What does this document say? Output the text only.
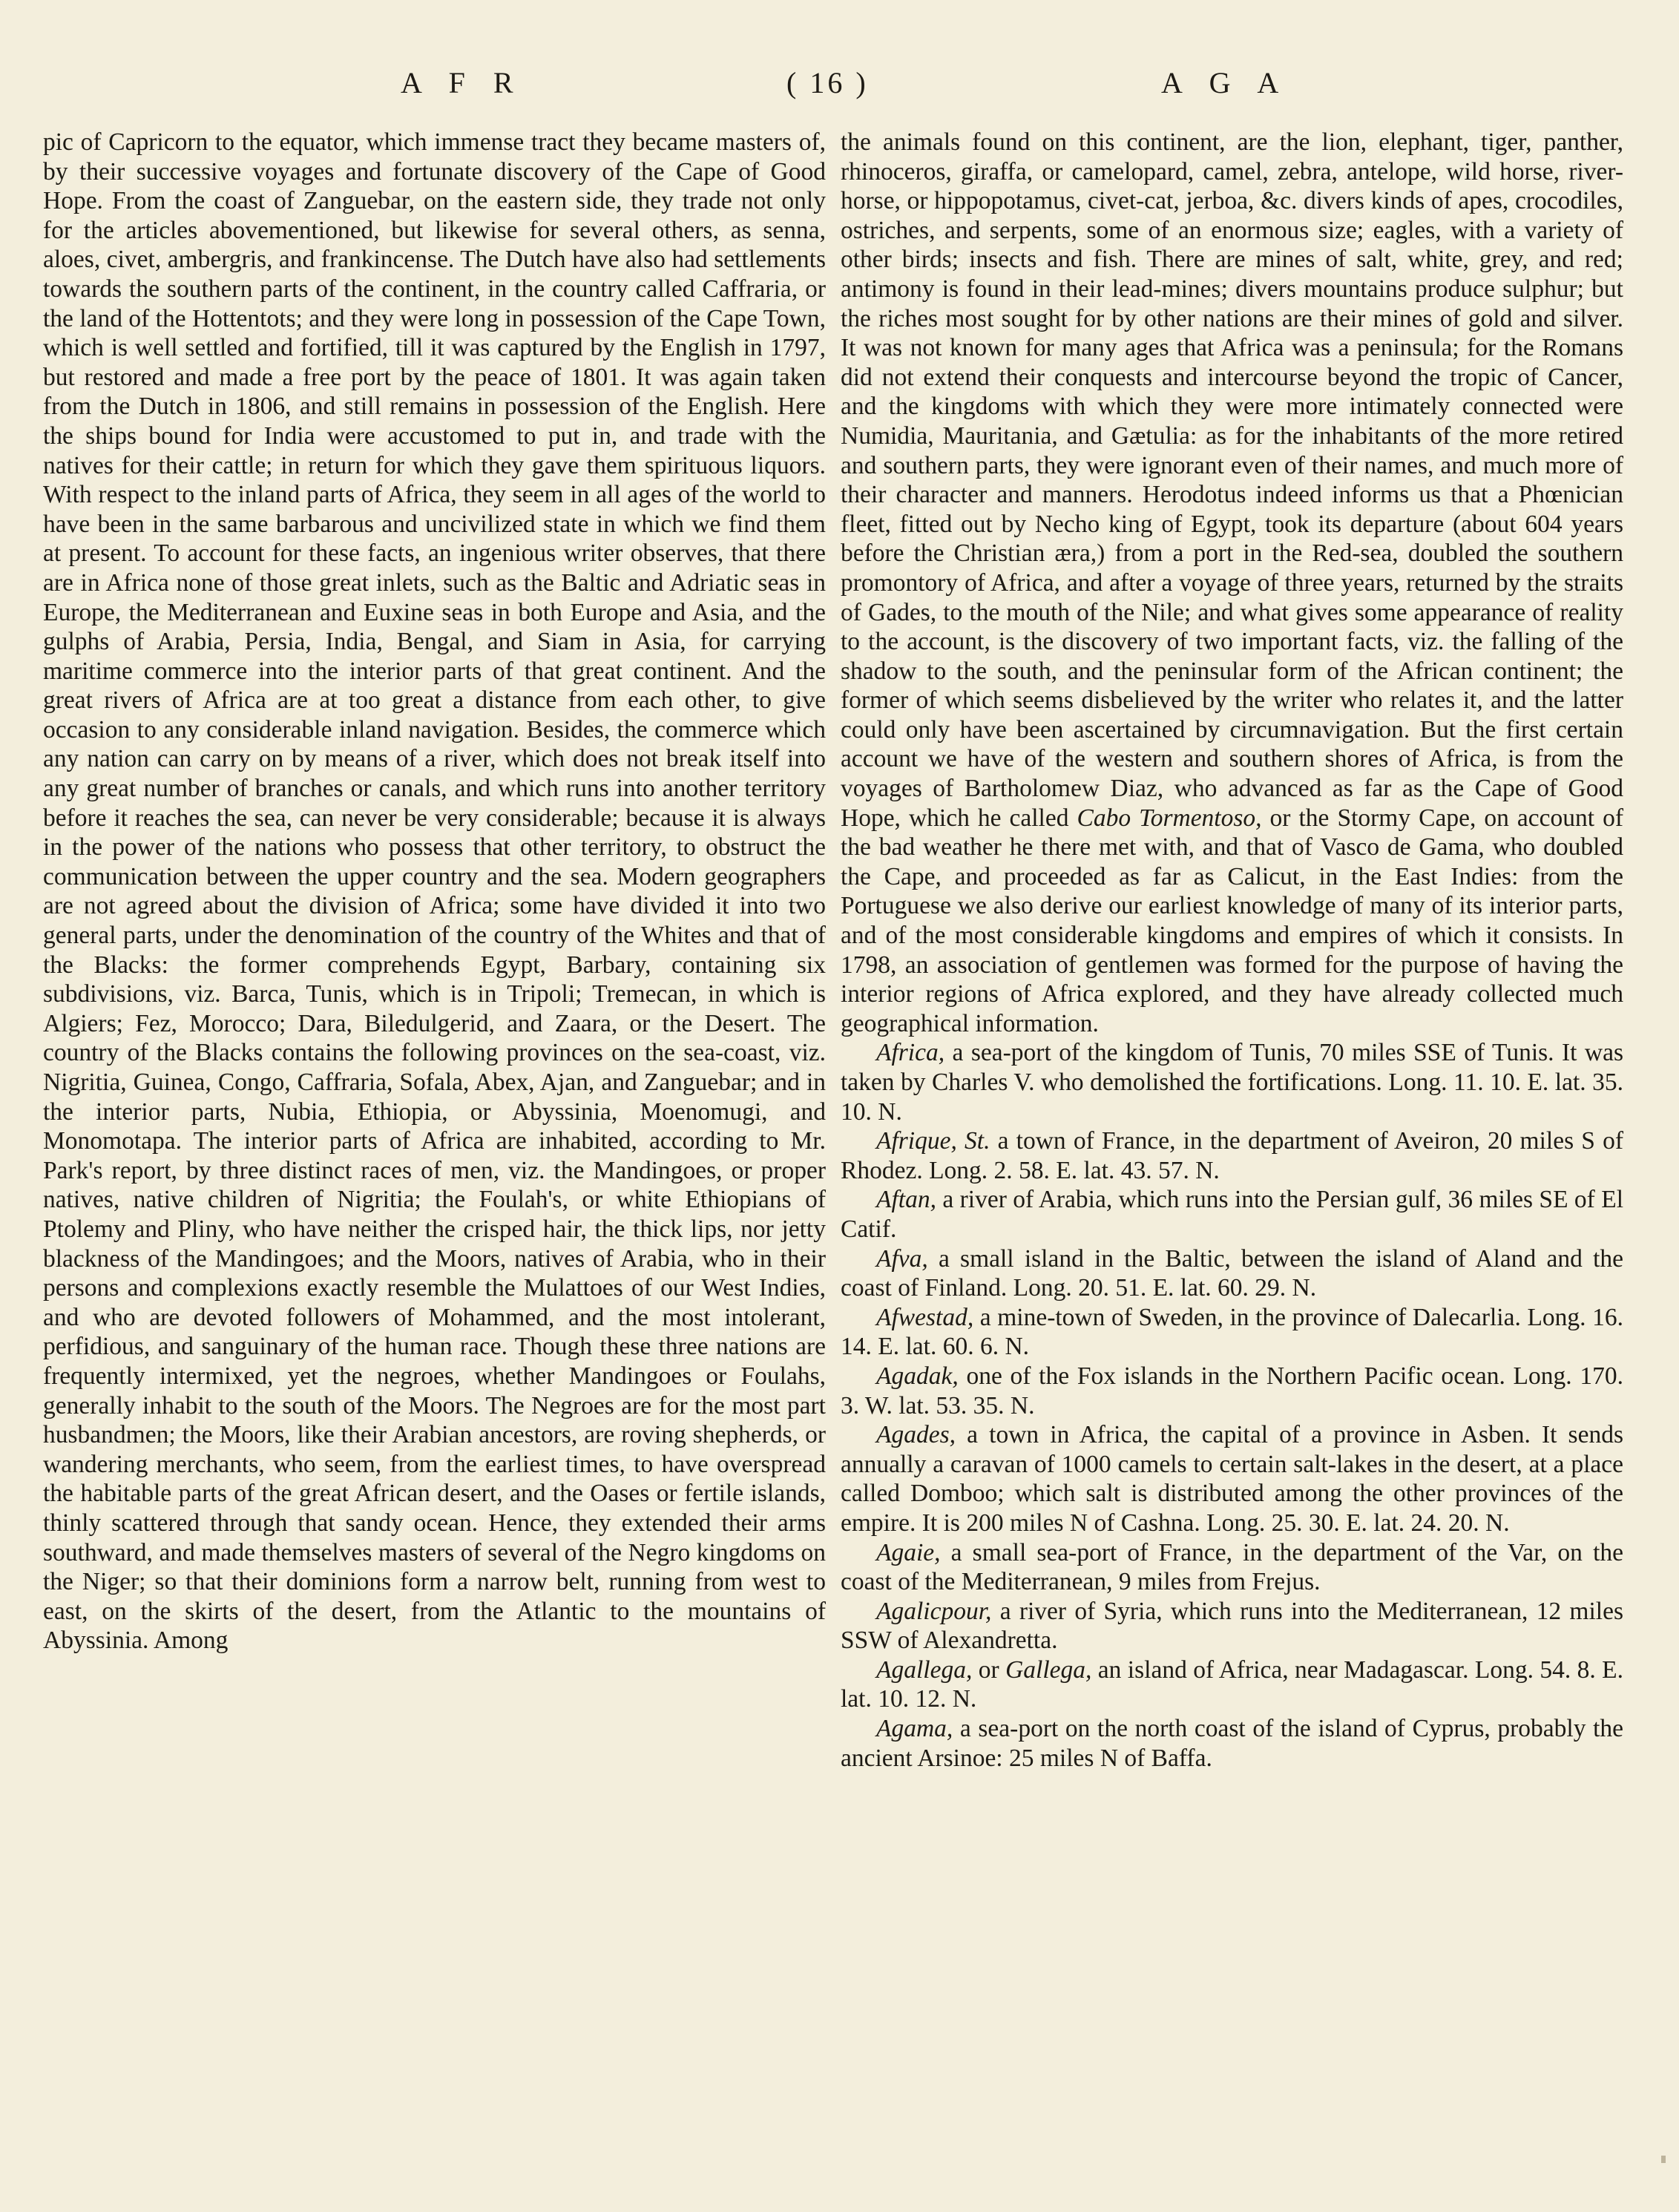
A F R	( 16 )	A G A

pic of Capricorn to the equator, which immense tract they became masters of, by their successive voyages and fortunate discovery of the Cape of Good Hope. From the coast of Zanguebar, on the eastern side, they trade not only for the articles abovementioned, but likewise for several others, as senna, aloes, civet, ambergris, and frankincense. The Dutch have also had settlements towards the southern parts of the continent, in the country called Caffraria, or the land of the Hottentots; and they were long in possession of the Cape Town, which is well settled and fortified, till it was captured by the English in 1797, but restored and made a free port by the peace of 1801. It was again taken from the Dutch in 1806, and still remains in possession of the English. Here the ships bound for India were accustomed to put in, and trade with the natives for their cattle; in return for which they gave them spirituous liquors. With respect to the inland parts of Africa, they seem in all ages of the world to have been in the same barbarous and uncivilized state in which we find them at present. To account for these facts, an ingenious writer observes, that there are in Africa none of those great inlets, such as the Baltic and Adriatic seas in Europe, the Mediterranean and Euxine seas in both Europe and Asia, and the gulphs of Arabia, Persia, India, Bengal, and Siam in Asia, for carrying maritime commerce into the interior parts of that great continent. And the great rivers of Africa are at too great a distance from each other, to give occasion to any considerable inland navigation. Besides, the commerce which any nation can carry on by means of a river, which does not break itself into any great number of branches or canals, and which runs into another territory before it reaches the sea, can never be very considerable; because it is always in the power of the nations who possess that other territory, to obstruct the communication between the upper country and the sea. Modern geographers are not agreed about the division of Africa; some have divided it into two general parts, under the denomination of the country of the Whites and that of the Blacks: the former comprehends Egypt, Barbary, containing six subdivisions, viz. Barca, Tunis, which is in Tripoli; Tremecan, in which is Algiers; Fez, Morocco; Dara, Biledulgerid, and Zaara, or the Desert. The country of the Blacks contains the following provinces on the sea-coast, viz. Nigritia, Guinea, Congo, Caffraria, Sofala, Abex, Ajan, and Zanguebar; and in the interior parts, Nubia, Ethiopia, or Abyssinia, Moenomugi, and Monomotapa. The interior parts of Africa are inhabited, according to Mr. Park's report, by three distinct races of men, viz. the Mandingoes, or proper natives, native children of Nigritia; the Foulah's, or white Ethiopians of Ptolemy and Pliny, who have neither the crisped hair, the thick lips, nor jetty blackness of the Mandingoes; and the Moors, natives of Arabia, who in their persons and complexions exactly resemble the Mulattoes of our West Indies, and who are devoted followers of Mohammed, and the most intolerant, perfidious, and sanguinary of the human race. Though these three nations are frequently intermixed, yet the negroes, whether Mandingoes or Foulahs, generally inhabit to the south of the Moors. The Negroes are for the most part husbandmen; the Moors, like their Arabian ancestors, are roving shepherds, or wandering merchants, who seem, from the earliest times, to have overspread the habitable parts of the great African desert, and the Oases or fertile islands, thinly scattered through that sandy ocean. Hence, they extended their arms southward, and made themselves masters of several of the Negro kingdoms on the Niger; so that their dominions form a narrow belt, running from west to east, on the skirts of the desert, from the Atlantic to the mountains of Abyssinia. Among

the animals found on this continent, are the lion, elephant, tiger, panther, rhinoceros, giraffa, or camelopard, camel, zebra, antelope, wild horse, river-horse, or hippopotamus, civet-cat, jerboa, &c. divers kinds of apes, crocodiles, ostriches, and serpents, some of an enormous size; eagles, with a variety of other birds; insects and fish. There are mines of salt, white, grey, and red; antimony is found in their lead-mines; divers mountains produce sulphur; but the riches most sought for by other nations are their mines of gold and silver. It was not known for many ages that Africa was a peninsula; for the Romans did not extend their conquests and intercourse beyond the tropic of Cancer, and the kingdoms with which they were more intimately connected were Numidia, Mauritania, and Gætulia: as for the inhabitants of the more retired and southern parts, they were ignorant even of their names, and much more of their character and manners. Herodotus indeed informs us that a Phœnician fleet, fitted out by Necho king of Egypt, took its departure (about 604 years before the Christian æra,) from a port in the Red-sea, doubled the southern promontory of Africa, and after a voyage of three years, returned by the straits of Gades, to the mouth of the Nile; and what gives some appearance of reality to the account, is the discovery of two important facts, viz. the falling of the shadow to the south, and the peninsular form of the African continent; the former of which seems disbelieved by the writer who relates it, and the latter could only have been ascertained by circumnavigation. But the first certain account we have of the western and southern shores of Africa, is from the voyages of Bartholomew Diaz, who advanced as far as the Cape of Good Hope, which he called Cabo Tormentoso, or the Stormy Cape, on account of the bad weather he there met with, and that of Vasco de Gama, who doubled the Cape, and proceeded as far as Calicut, in the East Indies: from the Portuguese we also derive our earliest knowledge of many of its interior parts, and of the most considerable kingdoms and empires of which it consists. In 1798, an association of gentlemen was formed for the purpose of having the interior regions of Africa explored, and they have already collected much geographical information.

Africa, a sea-port of the kingdom of Tunis, 70 miles SSE of Tunis. It was taken by Charles V. who demolished the fortifications. Long. 11. 10. E. lat. 35. 10. N.

Afrique, St. a town of France, in the department of Aveiron, 20 miles S of Rhodez. Long. 2. 58. E. lat. 43. 57. N.

Aftan, a river of Arabia, which runs into the Persian gulf, 36 miles SE of El Catif.

Afva, a small island in the Baltic, between the island of Aland and the coast of Finland. Long. 20. 51. E. lat. 60. 29. N.

Afwestad, a mine-town of Sweden, in the province of Dalecarlia. Long. 16. 14. E. lat. 60. 6. N.

Agadak, one of the Fox islands in the Northern Pacific ocean. Long. 170. 3. W. lat. 53. 35. N.

Agades, a town in Africa, the capital of a province in Asben. It sends annually a caravan of 1000 camels to certain salt-lakes in the desert, at a place called Domboo; which salt is distributed among the other provinces of the empire. It is 200 miles N of Cashna. Long. 25. 30. E. lat. 24. 20. N.

Agaie, a small sea-port of France, in the department of the Var, on the coast of the Mediterranean, 9 miles from Frejus.

Agalicpour, a river of Syria, which runs into the Mediterranean, 12 miles SSW of Alexandretta.

Agallega, or Gallega, an island of Africa, near Madagascar. Long. 54. 8. E. lat. 10. 12. N.

Agama, a sea-port on the north coast of the island of Cyprus, probably the ancient Arsinoe: 25 miles N of Baffa.
